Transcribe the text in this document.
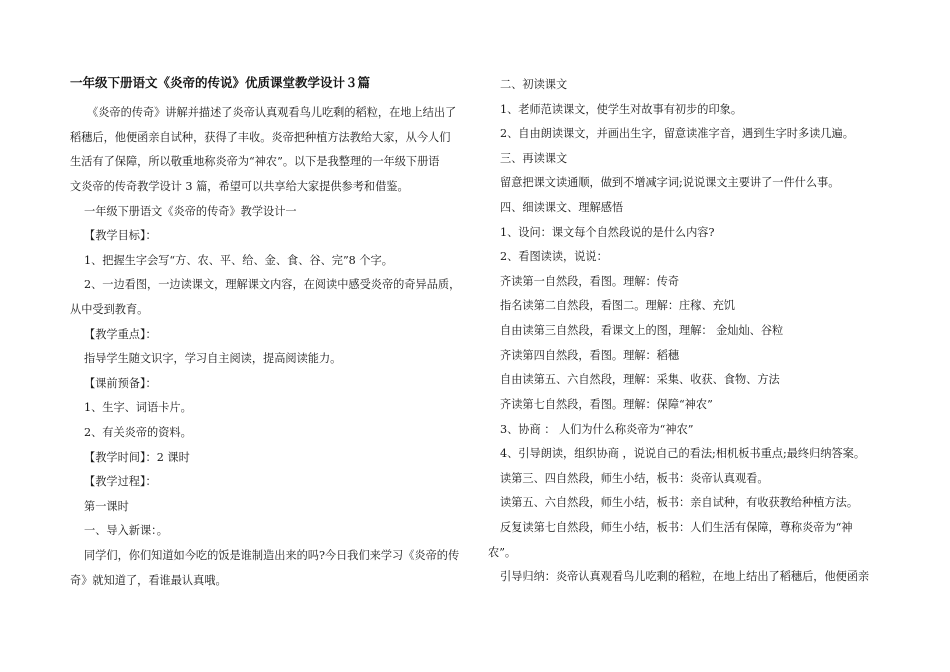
一年级下册语文《炎帝的传说》优质课堂教学设计３篇

《炎帝的传奇》讲解并描述了炎帝认真观看鸟儿吃剩的稻粒，在地上结出了

稻穗后，他便函亲自试种，获得了丰收。炎帝把种植方法教给大家，从今人们

生活有了保障，所以敬重地称炎帝为“神农”。以下是我整理的一年级下册语

文炎帝的传奇教学设计 3 篇，希望可以共享给大家提供参考和借鉴。

一年级下册语文《炎帝的传奇》教学设计一

【教学目标】：

1、把握生字会写“方、农、平、给、金、食、谷、完”8 个字。

2、一边看图，一边读课文，理解课文内容，在阅读中感受炎帝的奇异品质，

从中受到教育。

【教学重点】：

指导学生随文识字，学习自主阅读，提高阅读能力。

【课前预备】：

1、生字、词语卡片。

2、有关炎帝的资料。

【教学时间】：2 课时

【教学过程】：

第一课时

一、导入新课：。

同学们，你们知道如今吃的饭是谁制造出来的吗?今日我们来学习《炎帝的传

奇》就知道了，看谁最认真哦。

二、初读课文

1、老师范读课文，使学生对故事有初步的印象。

2、自由朗读课文，并画出生字，留意读准字音，遇到生字时多读几遍。

三、再读课文

留意把课文读通顺，做到不增减字词;说说课文主要讲了一件什么事。

四、细读课文、理解感悟

1、设问：课文每个自然段说的是什么内容?

2、看图读读，说说：

齐读第一自然段，看图。理解：传奇

指名读第二自然段，看图二。理解：庄稼、充饥

自由读第三自然段，看课文上的图，理解： 金灿灿、谷粒

齐读第四自然段，看图。理解：稻穗

自由读第五、六自然段，理解：采集、收获、食物、方法

齐读第七自然段，看图。理解：保障“神农”

3、协商 ： 人们为什么称炎帝为“神农”

4、引导朗读，组织协商 ，说说自己的看法;相机板书重点;最终归纳答案。

读第三、四自然段，师生小结，板书：炎帝认真观看。

读第五、六自然段，师生小结，板书：亲自试种，有收获教给种植方法。

反复读第七自然段，师生小结，板书：人们生活有保障，尊称炎帝为“神

农”。

引导归纳：炎帝认真观看鸟儿吃剩的稻粒，在地上结出了稻穗后，他便函亲
